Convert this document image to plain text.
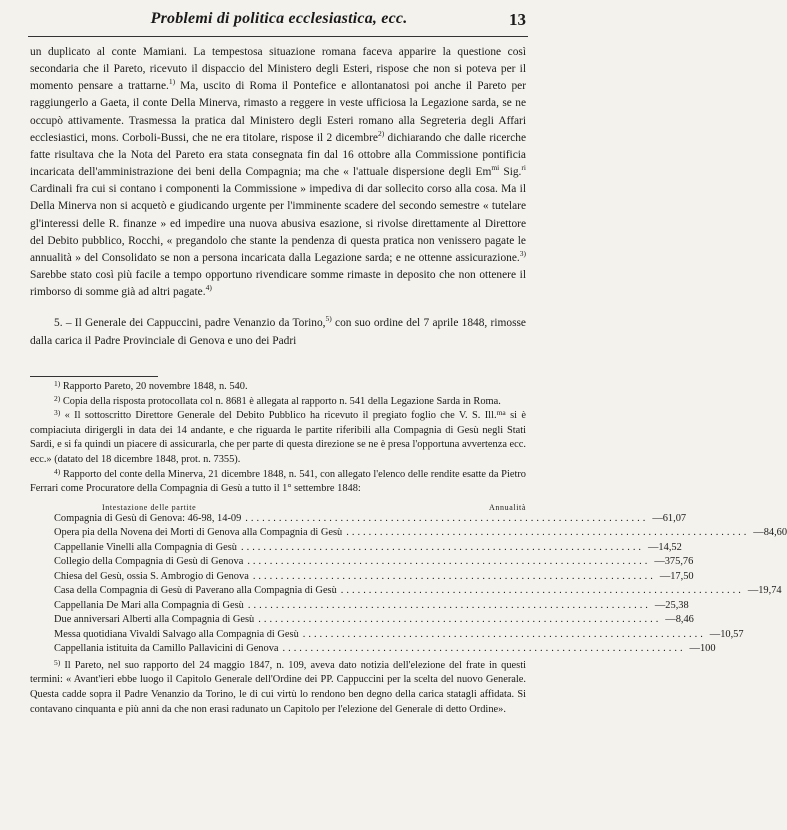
Problemi di politica ecclesiastica, ecc.	13

un duplicato al conte Mamiani. La tempestosa situazione romana faceva apparire la questione così secondaria che il Pareto, ricevuto il dispaccio del Ministero degli Esteri, rispose che non si poteva per il momento pensare a trattarne.$^{1)}$ Ma, uscito di Roma il Pontefice e allontanatosi poi anche il Pareto per raggiungerlo a Gaeta, il conte Della Minerva, rimasto a reggere in veste ufficiosa la Legazione sarda, se ne occupò attivamente. Trasmessa la pratica dal Ministero degli Esteri romano alla Segreteria degli Affari ecclesiastici, mons. Corboli-Bussi, che ne era titolare, rispose il 2 dicembre$^{2)}$ dichiarando che dalle ricerche fatte risultava che la Nota del Pareto era stata consegnata fin dal 16 ottobre alla Commissione pontificia incaricata dell'amministrazione dei beni della Compagnia; ma che « l'attuale dispersione degli $Em^{mi}$ Sig.$^{ri}$ Cardinali fra cui si contano i componenti la Commissione » impediva di dar sollecito corso alla cosa. Ma il Della Minerva non si acquetò e giudicando urgente per l'imminente scadere del secondo semestre « tutelare gl'interessi delle R. finanze » ed impedire una nuova abusiva esazione, si rivolse direttamente al Direttore del Debito pubblico, Rocchi, « pregandolo che stante la pendenza di questa pratica non venissero pagate le annualità » del Consolidato se non a persona incaricata dalla Legazione sarda; e ne ottenne assicurazione.$^{3)}$ Sarebbe stato così più facile a tempo opportuno rivendicare somme rimaste in deposito che non ottenere il rimborso di somme già ad altri pagate.$^{4)}$

5. – Il Generale dei Cappuccini, padre Venanzio da Torino,$^{5)}$ con suo ordine del 7 aprile 1848, rimosse dalla carica il Padre Provinciale di Genova e uno dei Padri

$^{1)}$ Rapporto Pareto, 20 novembre 1848, n. 540.

$^{2)}$ Copia della risposta protocollata col n. 8681 è allegata al rapporto n. 541 della Legazione Sarda in Roma.

$^{3)}$ « Il sottoscritto Direttore Generale del Debito Pubblico ha ricevuto il pregiato foglio che V. S. Ill.$^{ma}$ si è compiaciuta dirigergli in data dei 14 andante, e che riguarda le partite riferibili alla Compagnia di Gesù negli Stati Sardi, e si fa quindi un piacere di assicurarla, che per parte di questa direzione se ne è presa l'opportuna avvertenza ecc. ecc.» (datato del 18 dicembre 1848, prot. n. 7355).

$^{4)}$ Rapporto del conte della Minerva, 21 dicembre 1848, n. 541, con allegato l'elenco delle rendite esatte da Pietro Ferrari come Procuratore della Compagnia di Gesù a tutto il 1° settembre 1848:

Intestazione delle partite	Annualità
Compagnia di Gesù di Genova: 46-98, 14-09 ........................................................................ — 61,07
Opera pia della Novena dei Morti di Genova alla Compagnia di Gesù ........................................................................ — 84,60
Cappellanie Vinelli alla Compagnia di Gesù ........................................................................ — 14,52
Collegio della Compagnia di Gesù di Genova ........................................................................ — 375,76
Chiesa del Gesù, ossia S. Ambrogio di Genova ........................................................................ — 17,50
Casa della Compagnia di Gesù di Paverano alla Compagnia di Gesù ........................................................................ — 19,74
Cappellania De Mari alla Compagnia di Gesù ........................................................................ — 25,38
Due anniversari Alberti alla Compagnia di Gesù ........................................................................ — 8,46
Messa quotidiana Vivaldi Salvago alla Compagnia di Gesù ........................................................................ — 10,57
Cappellania istituita da Camillo Pallavicini di Genova ........................................................................ — 100

$^{5)}$ Il Pareto, nel suo rapporto del 24 maggio 1847, n. 109, aveva dato notizia dell'elezione del frate in questi termini: « Avant'ieri ebbe luogo il Capitolo Generale dell'Ordine dei PP. Cappuccini per la scelta del nuovo Generale. Questa cadde sopra il Padre Venanzio da Torino, le di cui virtù lo rendono ben degno della carica statagli affidata. Si contavano cinquanta e più anni da che non erasi radunato un Capitolo per l'elezione del Generale di detto Ordine».
